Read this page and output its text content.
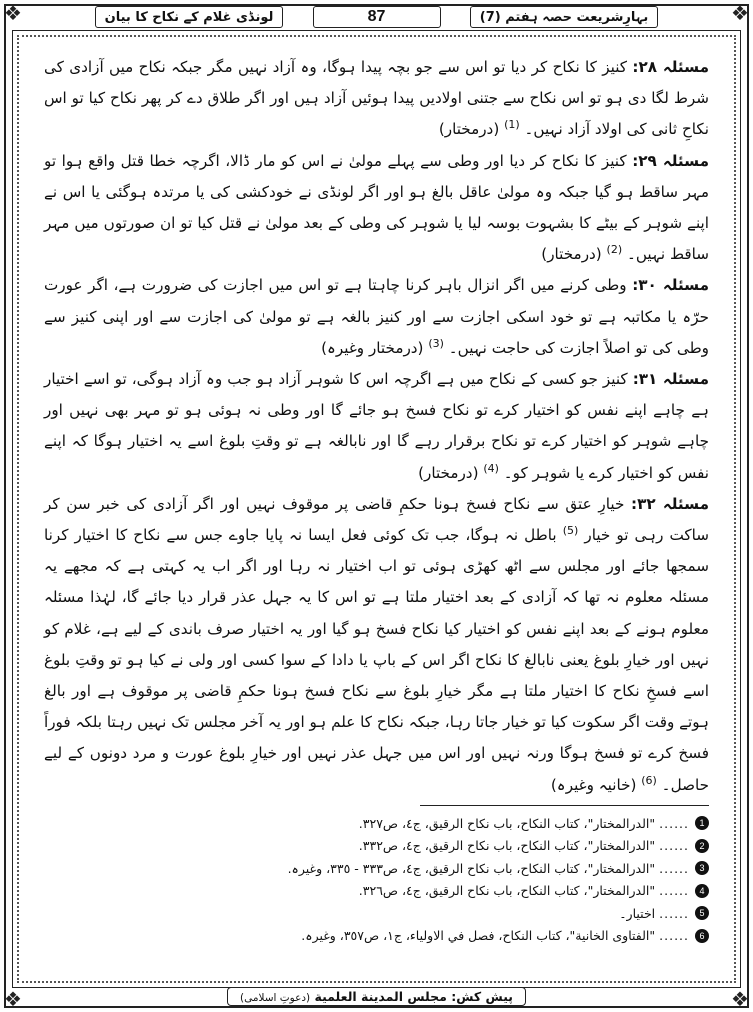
❖	❖
❖	❖
لونڈی غلام کے نکاح کا بیان	87	بہارِشریعت حصہ ہفتم (7)

مسئلہ ۲۸: کنیز کا نکاح کر دیا تو اس سے جو بچہ پیدا ہوگا، وہ آزاد نہیں مگر جبکہ نکاح میں آزادی کی شرط لگا دی ہو تو اس نکاح سے جتنی اولادیں پیدا ہوئیں آزاد ہیں اور اگر طلاق دے کر پھر نکاح کیا تو اس نکاحِ ثانی کی اولاد آزاد نہیں۔ $^{(1)}$ (درمختار)

مسئلہ ۲۹: کنیز کا نکاح کر دیا اور وطی سے پہلے مولیٰ نے اس کو مار ڈالا، اگرچہ خطا قتل واقع ہوا تو مہر ساقط ہو گیا جبکہ وہ مولیٰ عاقل بالغ ہو اور اگر لونڈی نے خودکشی کی یا مرتدہ ہوگئی یا اس نے اپنے شوہر کے بیٹے کا بشہوت بوسہ لیا یا شوہر کی وطی کے بعد مولیٰ نے قتل کیا تو ان صورتوں میں مہر ساقط نہیں۔ $^{(2)}$ (درمختار)

مسئلہ ۳۰: وطی کرنے میں اگر انزال باہر کرنا چاہتا ہے تو اس میں اجازت کی ضرورت ہے، اگر عورت حرّہ یا مکاتبہ ہے تو خود اسکی اجازت سے اور کنیز بالغہ ہے تو مولیٰ کی اجازت سے اور اپنی کنیز سے وطی کی تو اصلاً اجازت کی حاجت نہیں۔ $^{(3)}$ (درمختار وغیرہ)

مسئلہ ۳۱: کنیز جو کسی کے نکاح میں ہے اگرچہ اس کا شوہر آزاد ہو جب وہ آزاد ہوگی، تو اسے اختیار ہے چاہے اپنے نفس کو اختیار کرے تو نکاح فسخ ہو جائے گا اور وطی نہ ہوئی ہو تو مہر بھی نہیں اور چاہے شوہر کو اختیار کرے تو نکاح برقرار رہے گا اور نابالغہ ہے تو وقتِ بلوغ اسے یہ اختیار ہوگا کہ اپنے نفس کو اختیار کرے یا شوہر کو۔ $^{(4)}$ (درمختار)

مسئلہ ۳۲: خیارِ عتق سے نکاح فسخ ہونا حکمِ قاضی پر موقوف نہیں اور اگر آزادی کی خبر سن کر ساکت رہی تو خیار $^{(5)}$ باطل نہ ہوگا، جب تک کوئی فعل ایسا نہ پایا جاوے جس سے نکاح کا اختیار کرنا سمجھا جائے اور مجلس سے اٹھ کھڑی ہوئی تو اب اختیار نہ رہا اور اگر اب یہ کہتی ہے کہ مجھے یہ مسئلہ معلوم نہ تھا کہ آزادی کے بعد اختیار ملتا ہے تو اس کا یہ جہل عذر قرار دیا جائے گا، لہٰذا مسئلہ معلوم ہونے کے بعد اپنے نفس کو اختیار کیا نکاح فسخ ہو گیا اور یہ اختیار صرف باندی کے لیے ہے، غلام کو نہیں اور خیارِ بلوغ یعنی نابالغ کا نکاح اگر اس کے باپ یا دادا کے سوا کسی اور ولی نے کیا ہو تو وقتِ بلوغ اسے فسخِ نکاح کا اختیار ملتا ہے مگر خیارِ بلوغ سے نکاح فسخ ہونا حکمِ قاضی پر موقوف ہے اور بالغ ہوتے وقت اگر سکوت کیا تو خیار جاتا رہا، جبکہ نکاح کا علم ہو اور یہ آخر مجلس تک نہیں رہتا بلکہ فوراً فسخ کرے تو فسخ ہوگا ورنہ نہیں اور اس میں جہل عذر نہیں اور خیارِ بلوغ عورت و مرد دونوں کے لیے حاصل۔ $^{(6)}$ (خانیہ وغیرہ)

1
......
"الدرالمختار"، کتاب النکاح، باب نکاح الرقیق، ج٤، ص٣٢٧.
2
......
"الدرالمختار"، کتاب النکاح، باب نکاح الرقیق، ج٤، ص٣٣٢.
3
......
"الدرالمختار"، کتاب النکاح، باب نکاح الرقیق، ج٤، ص٣٣٣ - ٣٣٥، وغیرہ.
4
......
"الدرالمختار"، کتاب النکاح، باب نکاح الرقیق، ج٤، ص٣٢٦.
5
......
اختیار۔
6
......
"الفتاوی الخانیة"، کتاب النکاح، فصل في الاولیاء، ج١، ص٣٥٧، وغیرہ.
پیش کش: مجلس المدینة العلمیة (دعوتِ اسلامی)
